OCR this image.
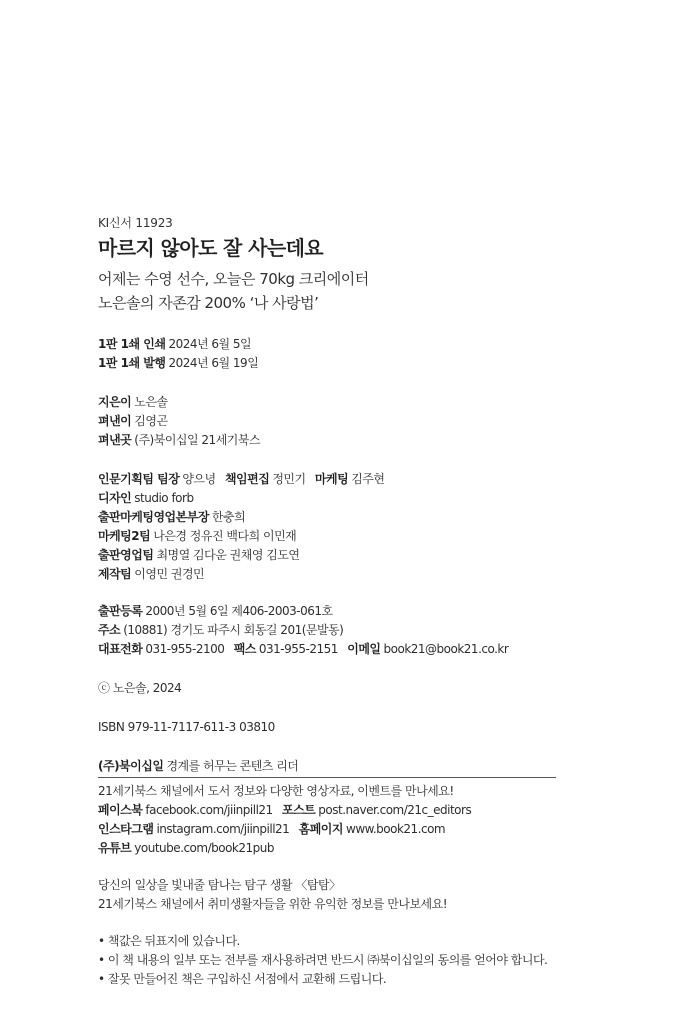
KI신서 11923
마르지 않아도 잘 사는데요
어제는 수영 선수, 오늘은 70kg 크리에이터
노은솔의 자존감 200% ‘나 사랑법’
1판 1쇄 인쇄 2024년 6월 5일
1판 1쇄 발행 2024년 6월 19일
지은이 노은솔
펴낸이 김영곤
펴낸곳 (주)북이십일 21세기북스
인문기획팀 팀장 양으녕 책임편집 정민기 마케팅 김주현
디자인 studio forb
출판마케팅영업본부장 한충희
마케팅2팀 나은경 정유진 백다희 이민재
출판영업팀 최명열 김다운 권채영 김도연
제작팀 이영민 권경민
출판등록 2000년 5월 6일 제406-2003-061호
주소 (10881) 경기도 파주시 회동길 201(문발동)
대표전화 031-955-2100 팩스 031-955-2151 이메일 book21@book21.co.kr
ⓒ 노은솔, 2024
ISBN 979-11-7117-611-3 03810
(주)북이십일 경계를 허무는 콘텐츠 리더
21세기북스 채널에서 도서 정보와 다양한 영상자료, 이벤트를 만나세요!
페이스북 facebook.com/jiinpill21 포스트 post.naver.com/21c_editors
인스타그램 instagram.com/jiinpill21 홈페이지 www.book21.com
유튜브 youtube.com/book21pub
당신의 일상을 빛내줄 탐나는 탐구 생활 〈탐탐〉
21세기북스 채널에서 취미생활자들을 위한 유익한 정보를 만나보세요!
• 책값은 뒤표지에 있습니다.
• 이 책 내용의 일부 또는 전부를 재사용하려면 반드시 ㈜북이십일의 동의를 얻어야 합니다.
• 잘못 만들어진 책은 구입하신 서점에서 교환해 드립니다.
